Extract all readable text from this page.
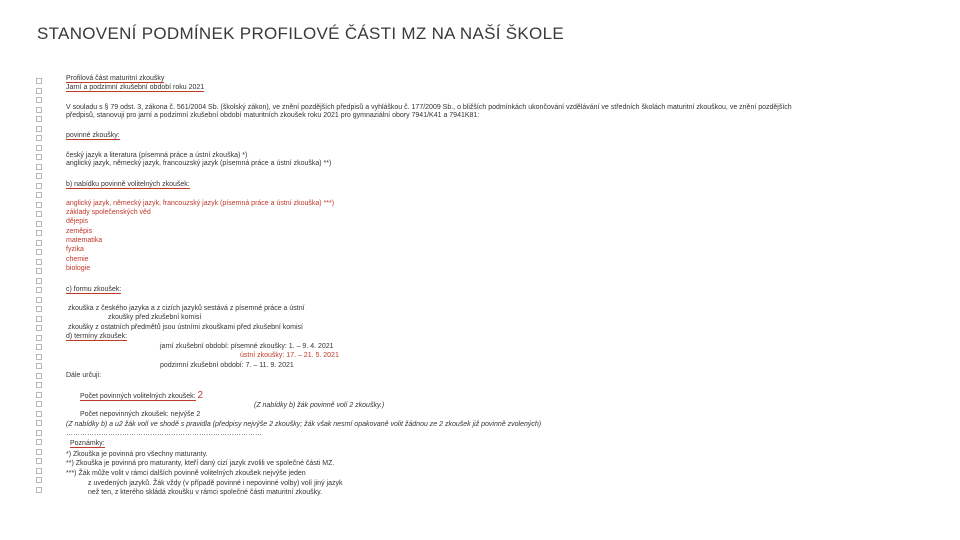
STANOVENÍ PODMÍNEK PROFILOVÉ ČÁSTI MZ NA NAŠÍ ŠKOLE
Profilová část maturitní zkoušky
Jarní a podzimní zkušební období roku 2021
V souladu s § 79 odst. 3, zákona č. 561/2004 Sb. (školský zákon), ve znění pozdějších předpisů a vyhláškou č. 177/2009 Sb., o bližších podmínkách ukončování vzdělávání ve středních školách maturitní zkouškou, ve znění pozdějších
předpisů, stanovuji pro jarní a podzimní zkušební období maturitních zkoušek roku 2021 pro gymnaziální obory 7941/K41 a 7941K81:
povinné zkoušky:
český jazyk a literatura (písemná práce a ústní zkouška) *)
anglický jazyk, německý jazyk, francouzský jazyk (písemná práce a ústní zkouška) **)
b) nabídku povinně volitelných zkoušek:
anglický jazyk, německý jazyk, francouzský jazyk (písemná práce a ústní zkouška) ***)
základy společenských věd
dějepis
zeměpis
matematika
fyzika
chemie
biologie
c) formu zkoušek:
zkouška z českého jazyka a z cizích jazyků sestává z písemné práce a ústní
zkoušky před zkušební komisí
zkoušky z ostatních předmětů jsou ústními zkouškami před zkušební komisí
d) termíny zkoušek:
jarní zkušební období: písemné zkoušky: 1. – 9. 4. 2021
ústní zkoušky: 17. – 21. 5. 2021
podzimní zkušební období: 7. – 11. 9. 2021
Dále určuji:
Počet povinných volitelných zkoušek: 2
(Z nabídky b) žák povinně volí 2 zkoušky.)
Počet nepovinných zkoušek: nejvýše 2
(Z nabídky b) a u2 žák volí ve shodě s pravidla (předpisy nejvýše 2 zkoušky; žák však nesmí opakovaně volit žádnou ze 2 zkoušek již povinně zvolených)
…………………………………………………………………………
Poznámky:
*) Zkouška je povinná pro všechny maturanty.
**) Zkouška je povinná pro maturanty, kteří daný cizí jazyk zvolili ve společné části MZ.
***) Žák může volit v rámci dalších povinně volitelných zkoušek nejvýše jeden
z uvedených jazyků. Žák vždy (v případě povinné i nepovinné volby) volí jiný jazyk
než ten, z kterého skládá zkoušku v rámci společné části maturitní zkoušky.
